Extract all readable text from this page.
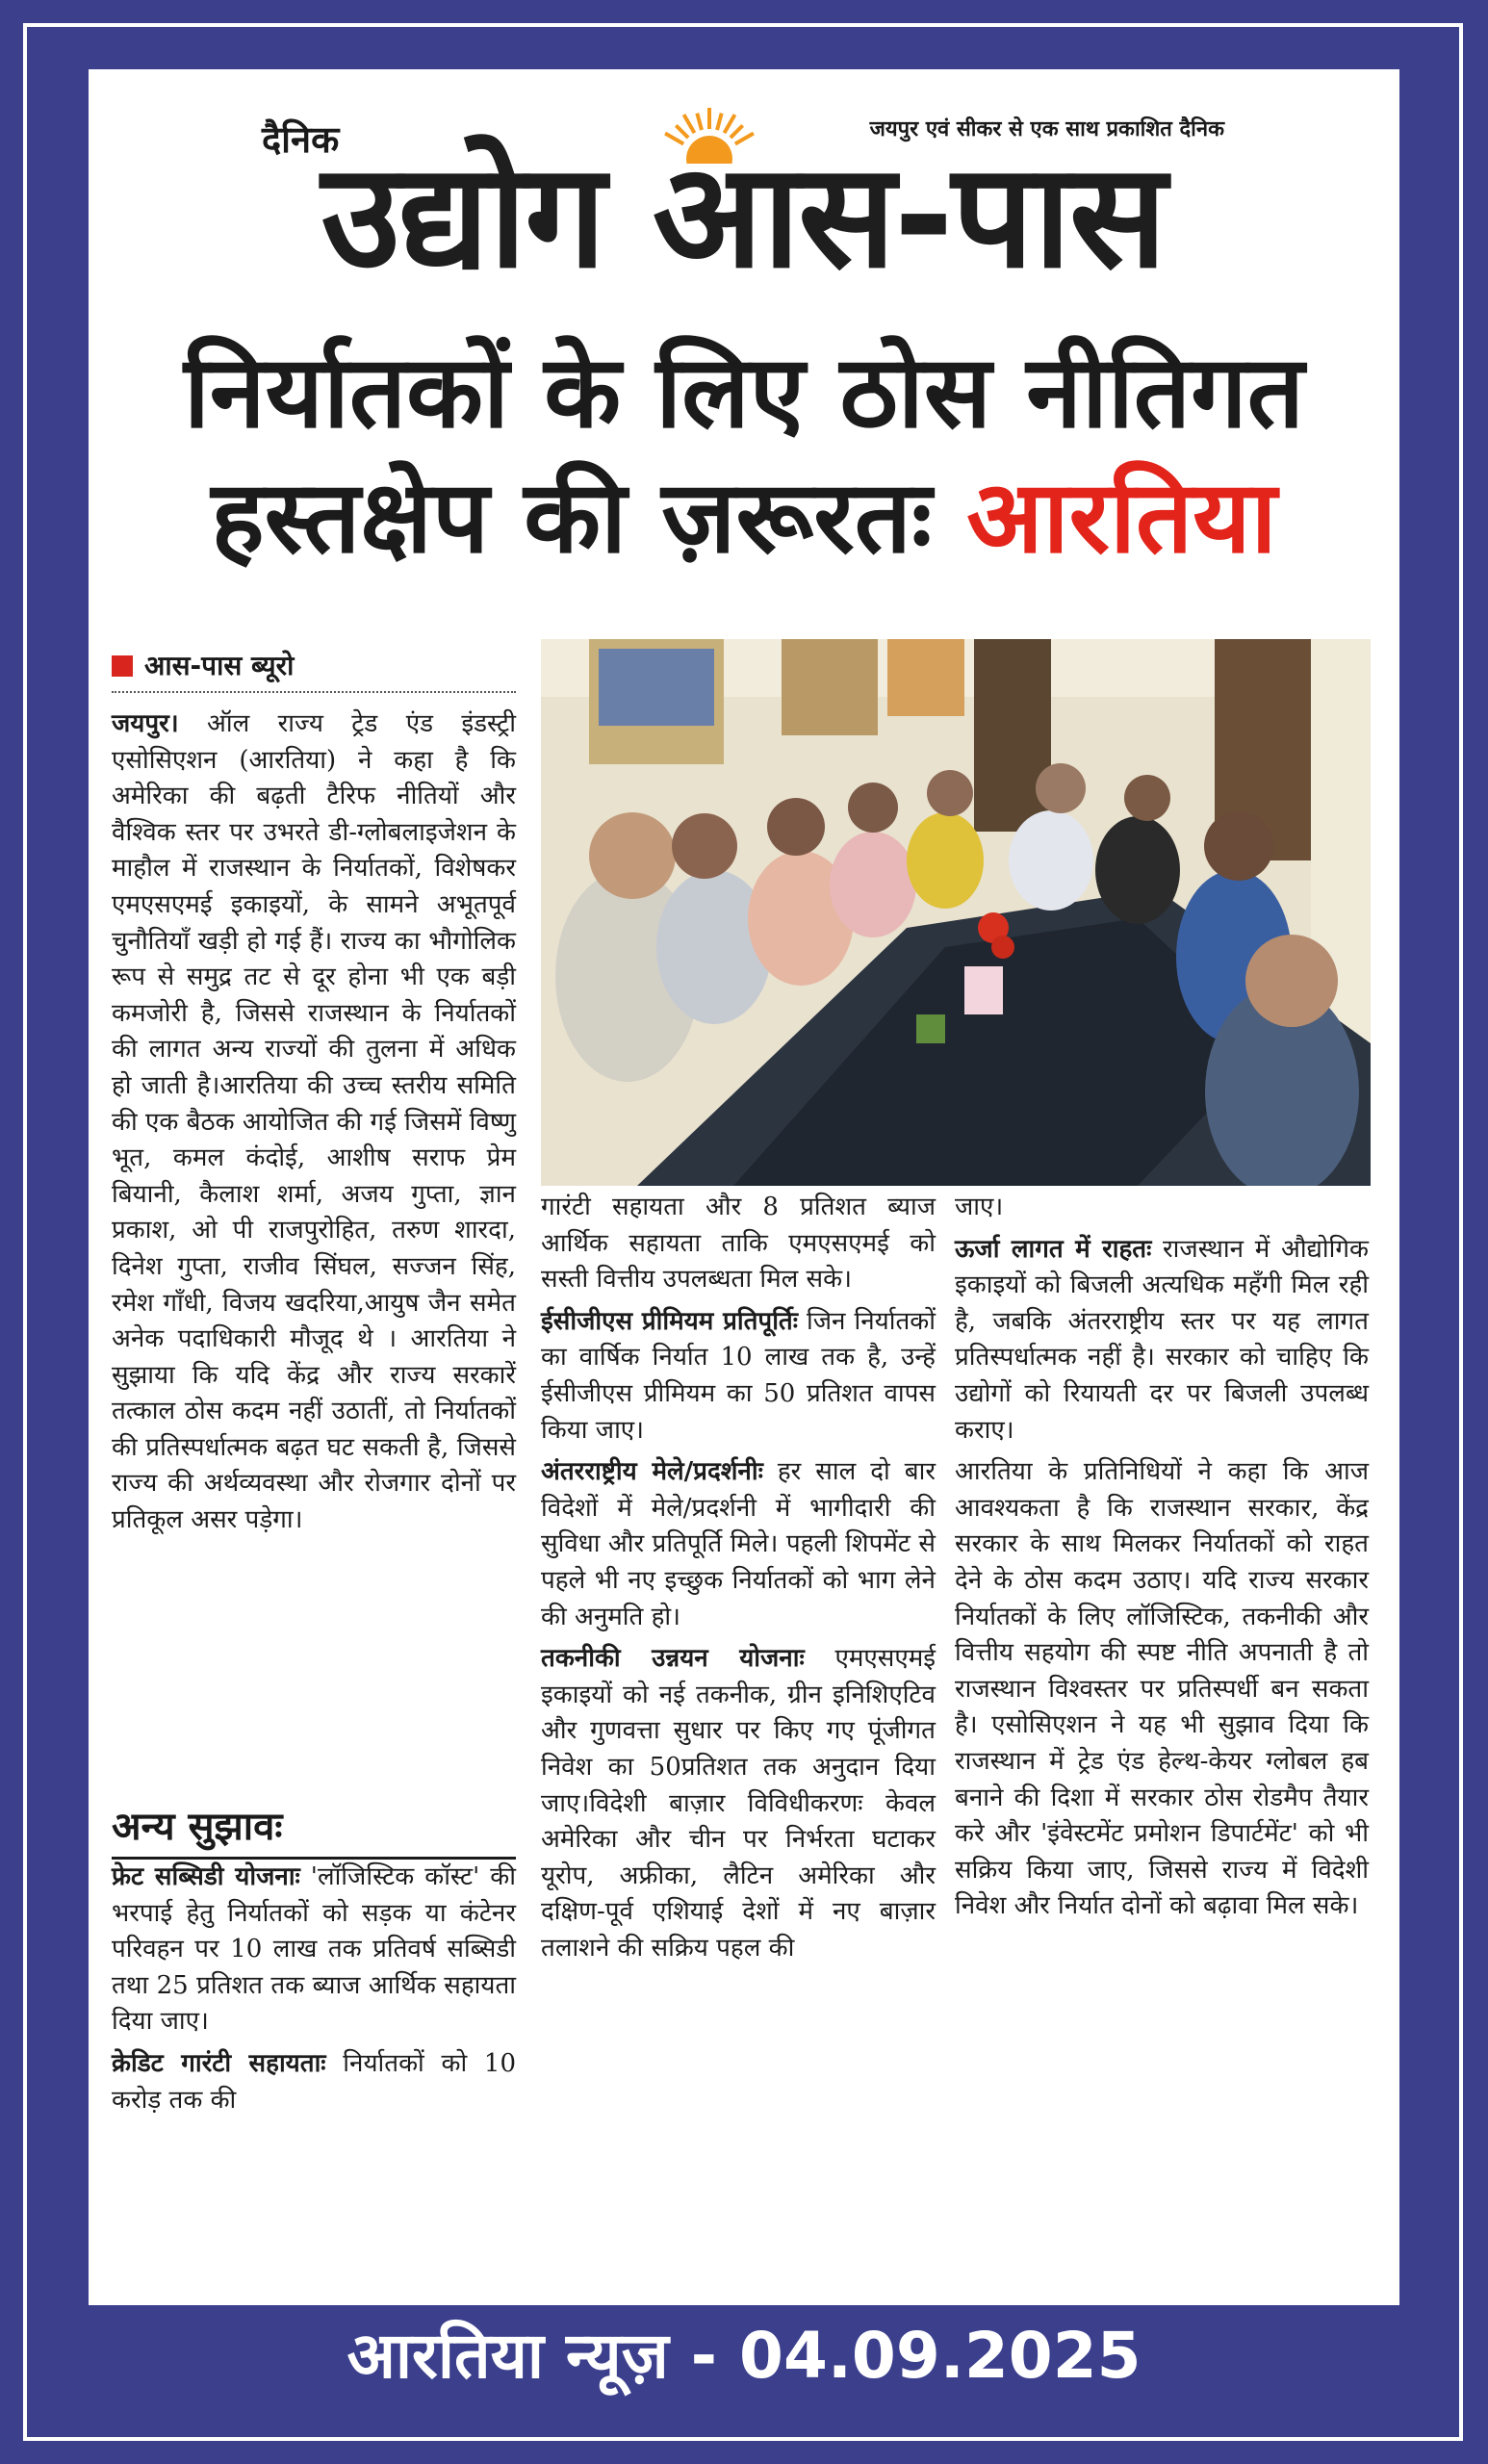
दैनिक	जयपुर एवं सीकर से एक साथ प्रकाशित दैनिक
उद्योग आस-पास
निर्यातकों के लिए ठोस नीतिगत
हस्तक्षेप की ज़रूरतः आरतिया
आस-पास ब्यूरो

जयपुर। ऑल राज्य ट्रेड एंड इंडस्ट्री एसोसिएशन (आरतिया) ने कहा है कि अमेरिका की बढ़ती टैरिफ नीतियों और वैश्विक स्तर पर उभरते डी-ग्लोबलाइजेशन के माहौल में राजस्थान के निर्यातकों, विशेषकर एमएसएमई इकाइयों, के सामने अभूतपूर्व चुनौतियाँ खड़ी हो गई हैं। राज्य का भौगोलिक रूप से समुद्र तट से दूर होना भी एक बड़ी कमजोरी है, जिससे राजस्थान के निर्यातकों की लागत अन्य राज्यों की तुलना में अधिक हो जाती है।आरतिया की उच्च स्तरीय समिति की एक बैठक आयोजित की गई जिसमें विष्णु भूत, कमल कंदोई, आशीष सराफ प्रेम बियानी, कैलाश शर्मा, अजय गुप्ता, ज्ञान प्रकाश, ओ पी राजपुरोहित, तरुण शारदा, दिनेश गुप्ता, राजीव सिंघल, सज्जन सिंह, रमेश गाँधी, विजय खदरिया,आयुष जैन समेत अनेक पदाधिकारी मौजूद थे । आरतिया ने सुझाया कि यदि केंद्र और राज्य सरकारें तत्काल ठोस कदम नहीं उठातीं, तो निर्यातकों की प्रतिस्पर्धात्मक बढ़त घट सकती है, जिससे राज्य की अर्थव्यवस्था और रोजगार दोनों पर प्रतिकूल असर पड़ेगा।

अन्य सुझावः

फ्रेट सब्सिडी योजनाः 'लॉजिस्टिक कॉस्ट' की भरपाई हेतु निर्यातकों को सड़क या कंटेनर परिवहन पर 10 लाख तक प्रतिवर्ष सब्सिडी तथा 25 प्रतिशत तक ब्याज आर्थिक सहायता दिया जाए।

क्रेडिट गारंटी सहायताः निर्यातकों को 10 करोड़ तक की

गारंटी सहायता और 8 प्रतिशत ब्याज आर्थिक सहायता ताकि एमएसएमई को सस्ती वित्तीय उपलब्धता मिल सके।

ईसीजीएस प्रीमियम प्रतिपूर्तिः जिन निर्यातकों का वार्षिक निर्यात 10 लाख तक है, उन्हें ईसीजीएस प्रीमियम का 50 प्रतिशत वापस किया जाए।

अंतरराष्ट्रीय मेले/प्रदर्शनीः हर साल दो बार विदेशों में मेले/प्रदर्शनी में भागीदारी की सुविधा और प्रतिपूर्ति मिले। पहली शिपमेंट से पहले भी नए इच्छुक निर्यातकों को भाग लेने की अनुमति हो।

तकनीकी उन्नयन योजनाः एमएसएमई इकाइयों को नई तकनीक, ग्रीन इनिशिएटिव और गुणवत्ता सुधार पर किए गए पूंजीगत निवेश का 50प्रतिशत तक अनुदान दिया जाए।विदेशी बाज़ार विविधीकरणः केवल अमेरिका और चीन पर निर्भरता घटाकर यूरोप, अफ्रीका, लैटिन अमेरिका और दक्षिण-पूर्व एशियाई देशों में नए बाज़ार तलाशने की सक्रिय पहल की

जाए।

ऊर्जा लागत में राहतः राजस्थान में औद्योगिक इकाइयों को बिजली अत्यधिक महँगी मिल रही है, जबकि अंतरराष्ट्रीय स्तर पर यह लागत प्रतिस्पर्धात्मक नहीं है। सरकार को चाहिए कि उद्योगों को रियायती दर पर बिजली उपलब्ध कराए।

आरतिया के प्रतिनिधियों ने कहा कि आज आवश्यकता है कि राजस्थान सरकार, केंद्र सरकार के साथ मिलकर निर्यातकों को राहत देने के ठोस कदम उठाए। यदि राज्य सरकार निर्यातकों के लिए लॉजिस्टिक, तकनीकी और वित्तीय सहयोग की स्पष्ट नीति अपनाती है तो राजस्थान विश्वस्तर पर प्रतिस्पर्धी बन सकता है। एसोसिएशन ने यह भी सुझाव दिया कि राजस्थान में ट्रेड एंड हेल्थ-केयर ग्लोबल हब बनाने की दिशा में सरकार ठोस रोडमैप तैयार करे और 'इंवेस्टमेंट प्रमोशन डिपार्टमेंट' को भी सक्रिय किया जाए, जिससे राज्य में विदेशी निवेश और निर्यात दोनों को बढ़ावा मिल सके।

आरतिया न्यूज़ - 04.09.2025
